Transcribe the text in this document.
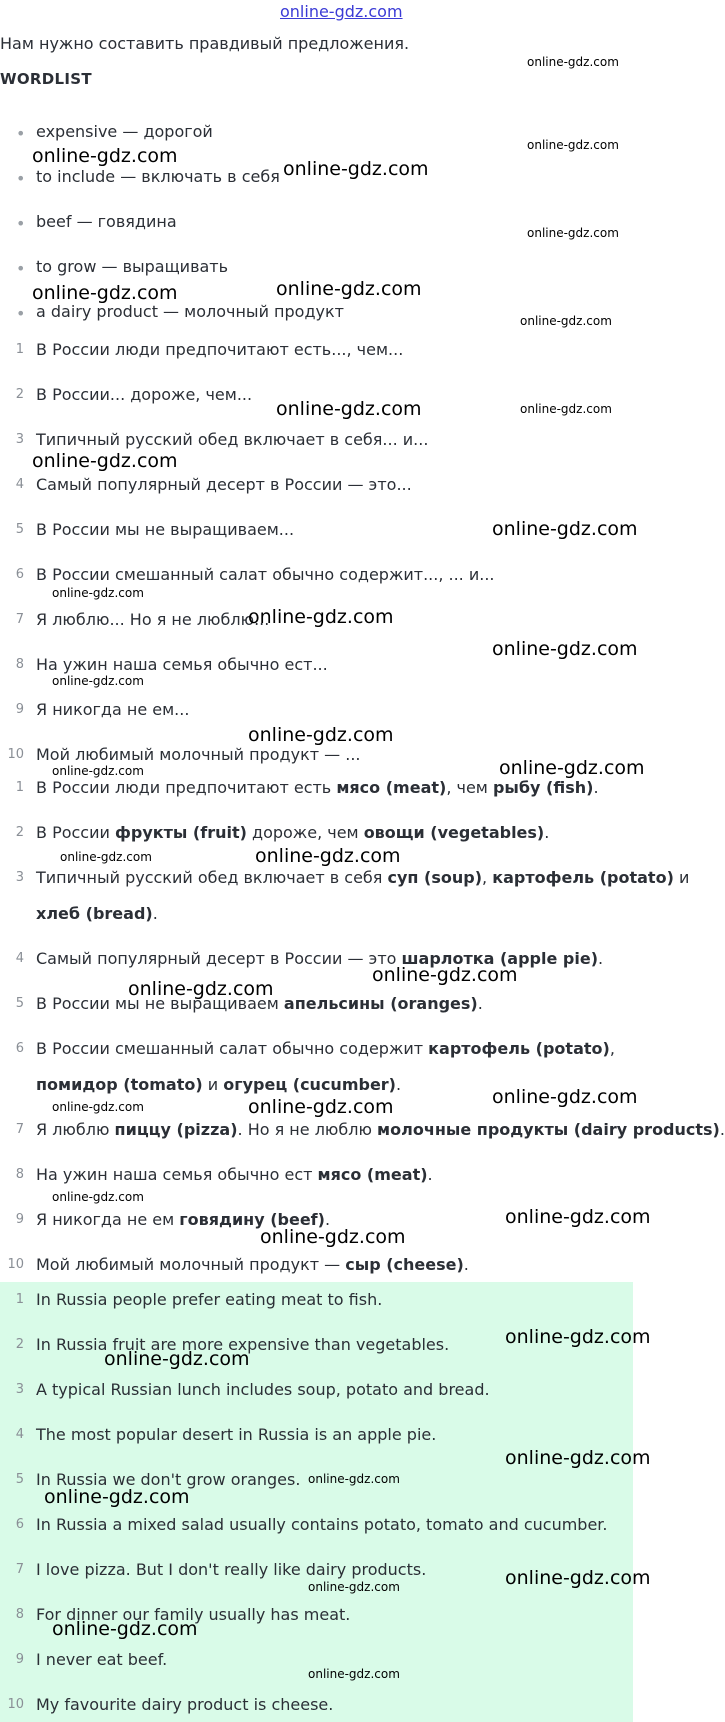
online-gdz.com
Нам нужно составить правдивый предложения.
WORDLIST
• expensive — дорогой
• to include — включать в себя
• beef — говядина
• to grow — выращивать
• a dairy product — молочный продукт
1 В России люди предпочитают есть..., чем...
2 В России... дороже, чем...
3 Типичный русский обед включает в себя... и...
4 Самый популярный десерт в России — это...
5 В России мы не выращиваем...
6 В России смешанный салат обычно содержит..., ... и...
7 Я люблю... Но я не люблю...
8 На ужин наша семья обычно ест...
9 Я никогда не ем...
10 Мой любимый молочный продукт — ...
1 В России люди предпочитают есть мясо (meat), чем рыбу (fish).
2 В России фрукты (fruit) дороже, чем овощи (vegetables).
3 Типичный русский обед включает в себя суп (soup), картофель (potato) и
хлеб (bread).
4 Самый популярный десерт в России — это шарлотка (apple pie).
5 В России мы не выращиваем апельсины (oranges).
6 В России смешанный салат обычно содержит картофель (potato),
помидор (tomato) и огурец (cucumber).
7 Я люблю пиццу (pizza). Но я не люблю молочные продукты (dairy products).
8 На ужин наша семья обычно ест мясо (meat).
9 Я никогда не ем говядину (beef).
10 Мой любимый молочный продукт — сыр (cheese).
1 In Russia people prefer eating meat to fish.
2 In Russia fruit are more expensive than vegetables.
3 A typical Russian lunch includes soup, potato and bread.
4 The most popular desert in Russia is an apple pie.
5 In Russia we don't grow oranges.
6 In Russia a mixed salad usually contains potato, tomato and cucumber.
7 I love pizza. But I don't really like dairy products.
8 For dinner our family usually has meat.
9 I never eat beef.
10 My favourite dairy product is cheese.
online-gdz.com
online-gdz.com
online-gdz.com
online-gdz.com
online-gdz.com
online-gdz.com
online-gdz.com
online-gdz.com	online-gdz.com
online-gdz.com
online-gdz.com
online-gdz.com
online-gdz.com
online-gdz.com
online-gdz.com
online-gdz.com
online-gdz.com
online-gdz.com	online-gdz.com
online-gdz.com	online-gdz.com
online-gdz.com
online-gdz.com
online-gdz.com	online-gdz.com	online-gdz.com
online-gdz.com
online-gdz.com
online-gdz.com
online-gdz.com
online-gdz.com
online-gdz.com
online-gdz.com
online-gdz.com
online-gdz.com
online-gdz.com
online-gdz.com
online-gdz.com
